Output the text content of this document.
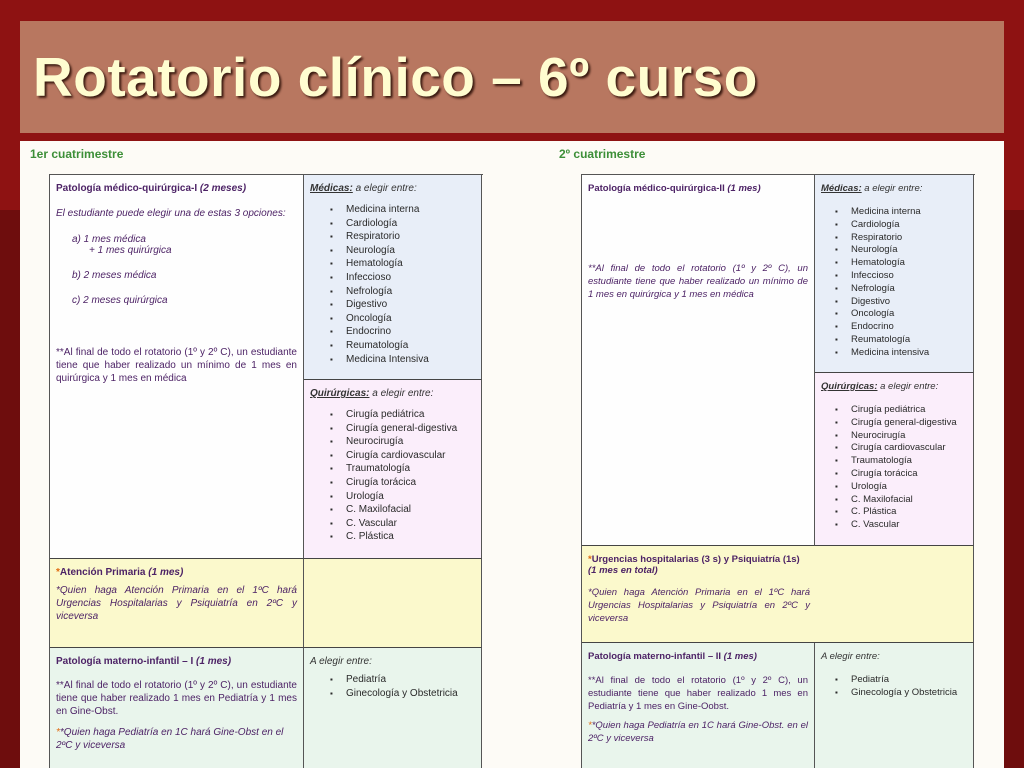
Rotatorio clínico – 6º curso
1er cuatrimestre
Patología médico-quirúrgica-I (2 meses)
El estudiante puede elegir una de estas 3 opciones:
a) 1 mes médica
+ 1 mes quirúrgica
b) 2 meses médica
c) 2 meses quirúrgica
**Al final de todo el rotatorio (1º y 2º C), un estudiante tiene que haber realizado un mínimo de 1 mes en quirúrgica y 1 mes en médica
Médicas: a elegir entre:
▪ Medicina interna
▪ Cardiología
▪ Respiratorio
▪ Neurología
▪ Hematología
▪ Infeccioso
▪ Nefrología
▪ Digestivo
▪ Oncología
▪ Endocrino
▪ Reumatología
▪ Medicina Intensiva
Quirúrgicas: a elegir entre:
▪ Cirugía pediátrica
▪ Cirugía general-digestiva
▪ Neurocirugía
▪ Cirugía cardiovascular
▪ Traumatología
▪ Cirugía torácica
▪ Urología
▪ C. Maxilofacial
▪ C. Vascular
▪ C. Plástica
*Atención Primaria (1 mes)
*Quien haga Atención Primaria en el 1ºC hará Urgencias Hospitalarias y Psiquiatría en 2ºC y viceversa
Patología materno-infantil – I (1 mes)
**Al final de todo el rotatorio (1º y 2º C), un estudiante tiene que haber realizado 1 mes en Pediatría y 1 mes en Gine-Obst.
**Quien haga Pediatría en 1C hará Gine-Obst en el 2ºC y viceversa
A elegir entre:
▪ Pediatría
▪ Ginecología y Obstetricia
2º cuatrimestre
Patología médico-quirúrgica-II (1 mes)
**Al final de todo el rotatorio (1º y 2º C), un estudiante tiene que haber realizado un mínimo de 1 mes en quirúrgica y 1 mes en médica
Médicas: a elegir entre:
▪ Medicina interna
▪ Cardiología
▪ Respiratorio
▪ Neurología
▪ Hematología
▪ Infeccioso
▪ Nefrología
▪ Digestivo
▪ Oncología
▪ Endocrino
▪ Reumatología
▪ Medicina intensiva
Quirúrgicas: a elegir entre:
▪ Cirugía pediátrica
▪ Cirugía general-digestiva
▪ Neurocirugía
▪ Cirugía cardiovascular
▪ Traumatología
▪ Cirugía torácica
▪ Urología
▪ C. Maxilofacial
▪ C. Plástica
▪ C. Vascular
*Urgencias hospitalarias (3 s) y Psiquiatría (1s)
(1 mes en total)
*Quien haga Atención Primaria en el 1ºC hará Urgencias Hospitalarias y Psiquiatría en 2ºC y viceversa
Patología materno-infantil – II (1 mes)
**Al final de todo el rotatorio (1º y 2º C), un estudiante tiene que haber realizado 1 mes en Pediatría y 1 mes en Gine-Oobst.
**Quien haga Pediatría en 1C hará Gine-Obst. en el 2ºC y viceversa
A elegir entre:
▪ Pediatría
▪ Ginecología y Obstetricia
